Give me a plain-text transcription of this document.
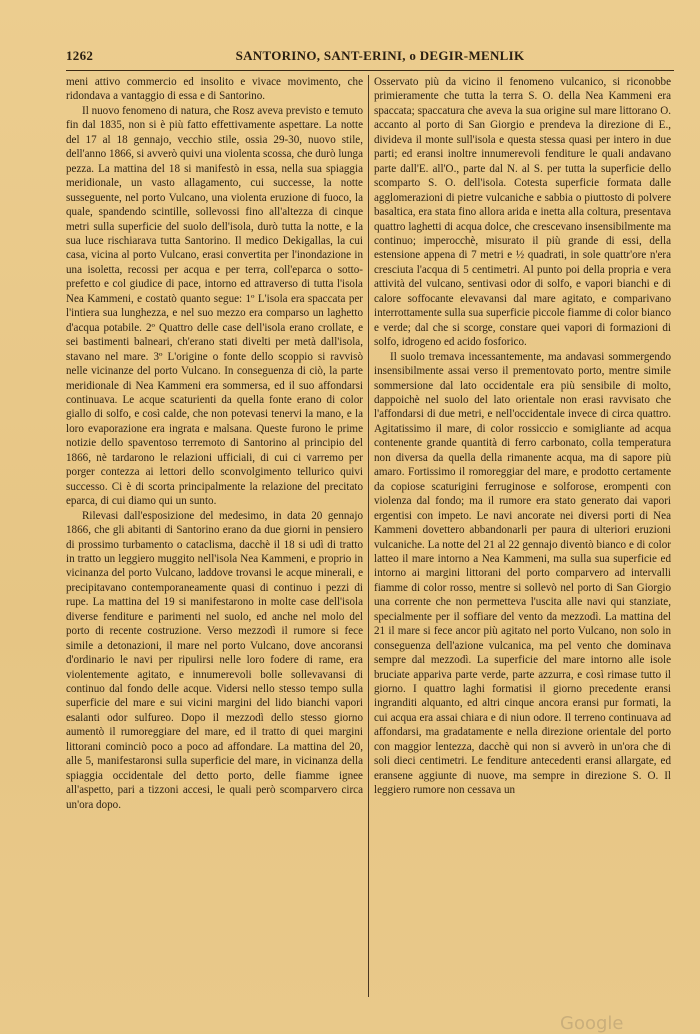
1262	SANTORINO, SANT-ERINI, o DEGIR-MENLIK

meni attivo commercio ed insolito e vivace movimento, che ridondava a vantaggio di essa e di Santorino.

Il nuovo fenomeno di natura, che Rosz aveva previsto e temuto fin dal 1835, non si è più fatto effettivamente aspettare. La notte del 17 al 18 gennajo, vecchio stile, ossia 29-30, nuovo stile, dell'anno 1866, si avverò quivi una violenta scossa, che durò lunga pezza. La mattina del 18 si manifestò in essa, nella sua spiaggia meridionale, un vasto allagamento, cui successe, la notte susseguente, nel porto Vulcano, una violenta eruzione di fuoco, la quale, spandendo scintille, sollevossi fino all'altezza di cinque metri sulla superficie del suolo dell'isola, durò tutta la notte, e la sua luce rischiarava tutta Santorino. Il medico Dekigallas, la cui casa, vicina al porto Vulcano, erasi convertita per l'inondazione in una isoletta, recossi per acqua e per terra, coll'eparca o sotto-prefetto e col giudice di pace, intorno ed attraverso di tutta l'isola Nea Kammeni, e costatò quanto segue: 1º L'isola era spaccata per l'intiera sua lunghezza, e nel suo mezzo era comparso un laghetto d'acqua potabile. 2º Quattro delle case dell'isola erano crollate, e sei bastimenti balneari, ch'erano stati divelti per metà dall'isola, stavano nel mare. 3º L'origine o fonte dello scoppio si ravvisò nelle vicinanze del porto Vulcano. In conseguenza di ciò, la parte meridionale di Nea Kammeni era sommersa, ed il suo affondarsi continuava. Le acque scaturienti da quella fonte erano di color giallo di solfo, e così calde, che non potevasi tenervi la mano, e la loro evaporazione era ingrata e malsana. Queste furono le prime notizie dello spaventoso terremoto di Santorino al principio del 1866, nè tardarono le relazioni ufficiali, di cui ci varremo per porger contezza ai lettori dello sconvolgimento tellurico quivi successo. Ci è di scorta principalmente la relazione del precitato eparca, di cui diamo qui un sunto.

Rilevasi dall'esposizione del medesimo, in data 20 gennajo 1866, che gli abitanti di Santorino erano da due giorni in pensiero di prossimo turbamento o cataclisma, dacchè il 18 si udì di tratto in tratto un leggiero muggito nell'isola Nea Kammeni, e proprio in vicinanza del porto Vulcano, laddove trovansi le acque minerali, e precipitavano contemporaneamente quasi di continuo i pezzi di rupe. La mattina del 19 si manifestarono in molte case dell'isola diverse fenditure e parimenti nel suolo, ed anche nel molo del porto di recente costruzione. Verso mezzodì il rumore si fece simile a detonazioni, il mare nel porto Vulcano, dove ancoransi d'ordinario le navi per ripulirsi nelle loro fodere di rame, era violentemente agitato, e innumerevoli bolle sollevavansi di continuo dal fondo delle acque. Vidersi nello stesso tempo sulla superficie del mare e sui vicini margini del lido bianchi vapori esalanti odor sulfureo. Dopo il mezzodì dello stesso giorno aumentò il rumoreggiare del mare, ed il tratto di quei margini littorani cominciò poco a poco ad affondare. La mattina del 20, alle 5, manifestaronsi sulla superficie del mare, in vicinanza della spiaggia occidentale del detto porto, delle fiamme ignee all'aspetto, pari a tizzoni accesi, le quali però scomparvero circa un'ora dopo.

Osservato più da vicino il fenomeno vulcanico, si riconobbe primieramente che tutta la terra S. O. della Nea Kammeni era spaccata; spaccatura che aveva la sua origine sul mare littorano O. accanto al porto di San Giorgio e prendeva la direzione di E., divideva il monte sull'isola e questa stessa quasi per intero in due parti; ed eransi inoltre innumerevoli fenditure le quali andavano parte dall'E. all'O., parte dal N. al S. per tutta la superficie dello scomparto S. O. dell'isola. Cotesta superficie formata dalle agglomerazioni di pietre vulcaniche e sabbia o piuttosto di polvere basaltica, era stata fino allora arida e inetta alla coltura, presentava quattro laghetti di acqua dolce, che crescevano insensibilmente ma continuo; imperocchè, misurato il più grande di essi, della estensione appena di 7 metri e ½ quadrati, in sole quattr'ore n'era cresciuta l'acqua di 5 centimetri. Al punto poi della propria e vera attività del vulcano, sentivasi odor di solfo, e vapori bianchi e di calore soffocante elevavansi dal mare agitato, e comparivano interrottamente sulla sua superficie piccole fiamme di color bianco e verde; dal che si scorge, constare quei vapori di formazioni di solfo, idrogeno ed acido fosforico.

Il suolo tremava incessantemente, ma andavasi sommergendo insensibilmente assai verso il prementovato porto, mentre simile sommersione dal lato occidentale era più sensibile di molto, dappoichè nel suolo del lato orientale non erasi ravvisato che l'affondarsi di due metri, e nell'occidentale invece di circa quattro. Agitatissimo il mare, di color rossiccio e somigliante ad acqua contenente grande quantità di ferro carbonato, colla temperatura non diversa da quella della rimanente acqua, ma di sapore più amaro. Fortissimo il romoreggiar del mare, e prodotto certamente da copiose scaturigini ferruginose e solforose, erompenti con violenza dal fondo; ma il rumore era stato generato dai vapori ergentisi con impeto. Le navi ancorate nei diversi porti di Nea Kammeni dovettero abbandonarli per paura di ulteriori eruzioni vulcaniche. La notte del 21 al 22 gennajo diventò bianco e di color latteo il mare intorno a Nea Kammeni, ma sulla sua superficie ed intorno ai margini littorani del porto comparvero ad intervalli fiamme di color rosso, mentre si sollevò nel porto di San Giorgio una corrente che non permetteva l'uscita alle navi qui stanziate, specialmente per il soffiare del vento da mezzodì. La mattina del 21 il mare si fece ancor più agitato nel porto Vulcano, non solo in conseguenza dell'azione vulcanica, ma pel vento che dominava sempre dal mezzodì. La superficie del mare intorno alle isole bruciate appariva parte verde, parte azzurra, e così rimase tutto il giorno. I quattro laghi formatisi il giorno precedente eransi ingranditi alquanto, ed altri cinque ancora eransi pur formati, la cui acqua era assai chiara e di niun odore. Il terreno continuava ad affondarsi, ma gradatamente e nella direzione orientale del porto con maggior lentezza, dacchè qui non si avverò in un'ora che di soli dieci centimetri. Le fenditure antecedenti eransi allargate, ed eransene aggiunte di nuove, ma sempre in direzione S. O. Il leggiero rumore non cessava un

Google
